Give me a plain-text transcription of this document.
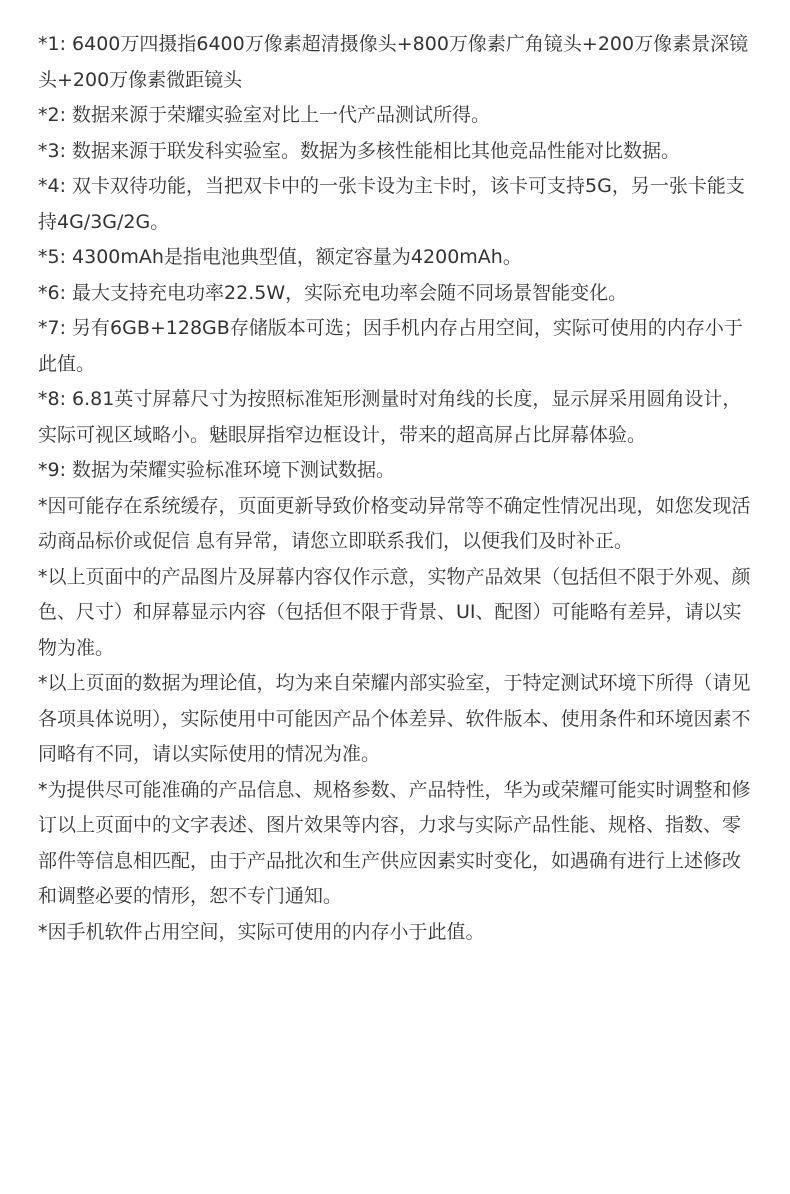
*1: 6400万四摄指6400万像素超清摄像头+800万像素广角镜头+200万像素景深镜头+200万像素微距镜头

*2: 数据来源于荣耀实验室对比上一代产品测试所得。

*3: 数据来源于联发科实验室。数据为多核性能相比其他竞品性能对比数据。

*4: 双卡双待功能，当把双卡中的一张卡设为主卡时，该卡可支持5G，另一张卡能支持4G/3G/2G。

*5: 4300mAh是指电池典型值，额定容量为4200mAh。

*6: 最大支持充电功率22.5W，实际充电功率会随不同场景智能变化。

*7: 另有6GB+128GB存储版本可选；因手机内存占用空间，实际可使用的内存小于此值。

*8: 6.81英寸屏幕尺寸为按照标准矩形测量时对角线的长度，显示屏采用圆角设计，实际可视区域略小。魅眼屏指窄边框设计，带来的超高屏占比屏幕体验。

*9: 数据为荣耀实验标准环境下测试数据。

*因可能存在系统缓存，页面更新导致价格变动异常等不确定性情况出现，如您发现活动商品标价或促信 息有异常，请您立即联系我们，以便我们及时补正。

*以上页面中的产品图片及屏幕内容仅作示意，实物产品效果（包括但不限于外观、颜色、尺寸）和屏幕显示内容（包括但不限于背景、UI、配图）可能略有差异，请以实物为准。

*以上页面的数据为理论值，均为来自荣耀内部实验室，于特定测试环境下所得（请见各项具体说明），实际使用中可能因产品个体差异、软件版本、使用条件和环境因素不同略有不同，请以实际使用的情况为准。

*为提供尽可能准确的产品信息、规格参数、产品特性，华为或荣耀可能实时调整和修订以上页面中的文字表述、图片效果等内容，力求与实际产品性能、规格、指数、零部件等信息相匹配，由于产品批次和生产供应因素实时变化，如遇确有进行上述修改和调整必要的情形，恕不专门通知。

*因手机软件占用空间，实际可使用的内存小于此值。
